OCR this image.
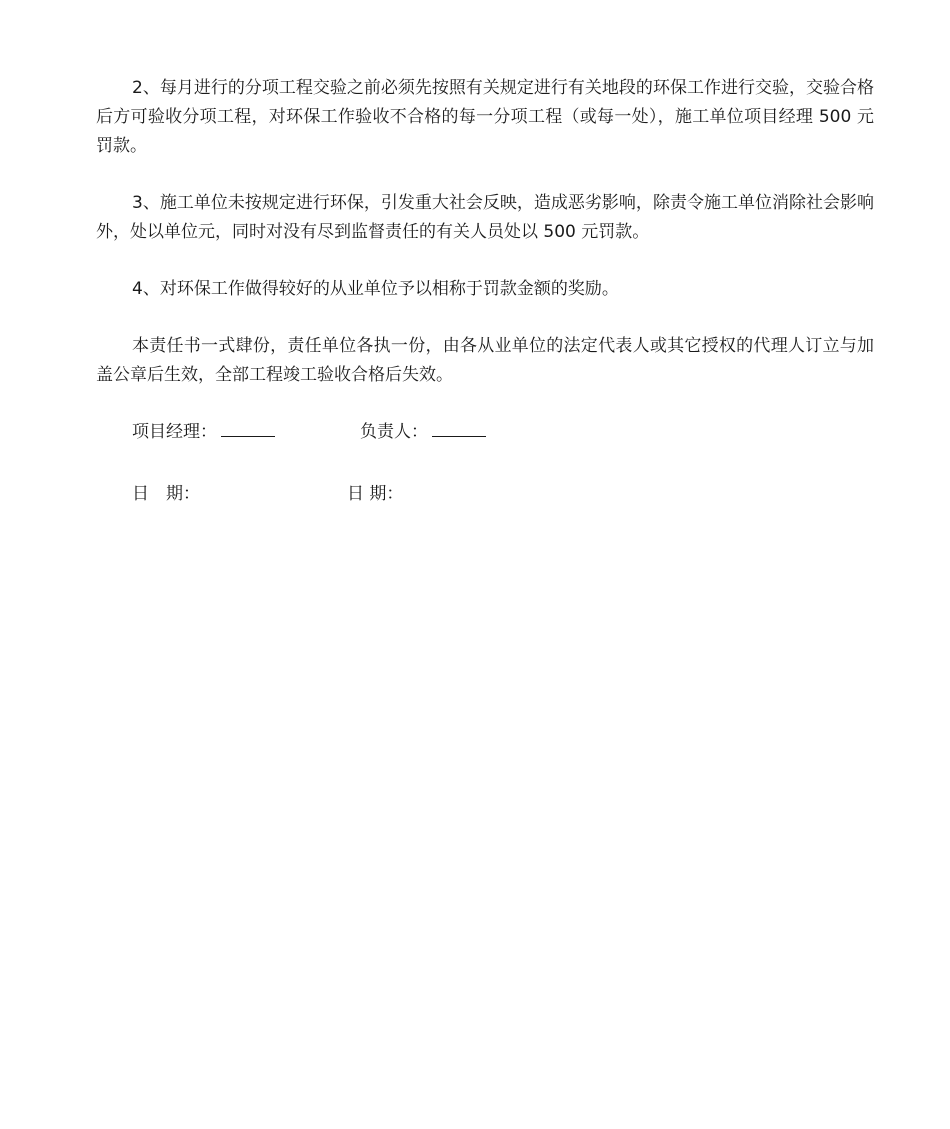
2、每月进行的分项工程交验之前必须先按照有关规定进行有关地段的环保工作进行交验，交验合格后方可验收分项工程，对环保工作验收不合格的每一分项工程（或每一处），施工单位项目经理 500 元罚款。

3、施工单位未按规定进行环保，引发重大社会反映，造成恶劣影响，除责令施工单位消除社会影响外，处以单位元，同时对没有尽到监督责任的有关人员处以 500 元罚款。

4、对环保工作做得较好的从业单位予以相称于罚款金额的奖励。

本责任书一式肆份，责任单位各执一份，由各从业单位的法定代表人或其它授权的代理人订立与加盖公章后生效，全部工程竣工验收合格后失效。

项目经理：	负责人：
日　期：	日 期：
